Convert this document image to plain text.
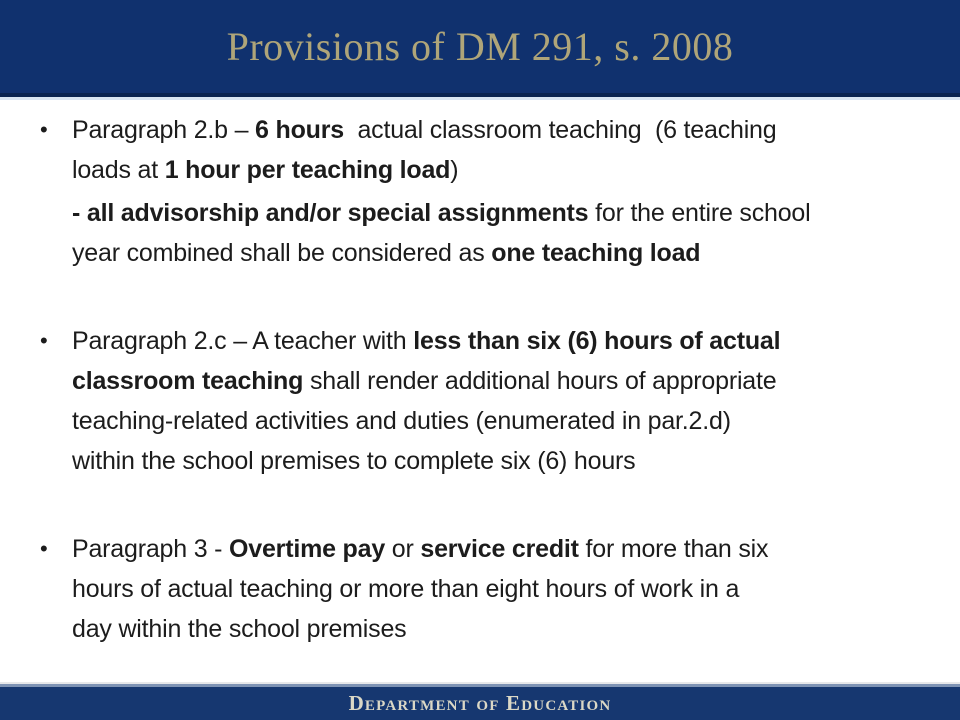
Provisions of DM 291, s. 2008
• Paragraph 2.b – 6 hours  actual classroom teaching  (6 teaching
loads at 1 hour per teaching load)
- all advisorship and/or special assignments for the entire school
year combined shall be considered as one teaching load
• Paragraph 2.c – A teacher with less than six (6) hours of actual
classroom teaching shall render additional hours of appropriate
teaching-related activities and duties (enumerated in par.2.d)
within the school premises to complete six (6) hours
• Paragraph 3 - Overtime pay or service credit for more than six
hours of actual teaching or more than eight hours of work in a
day within the school premises
Department of Education
